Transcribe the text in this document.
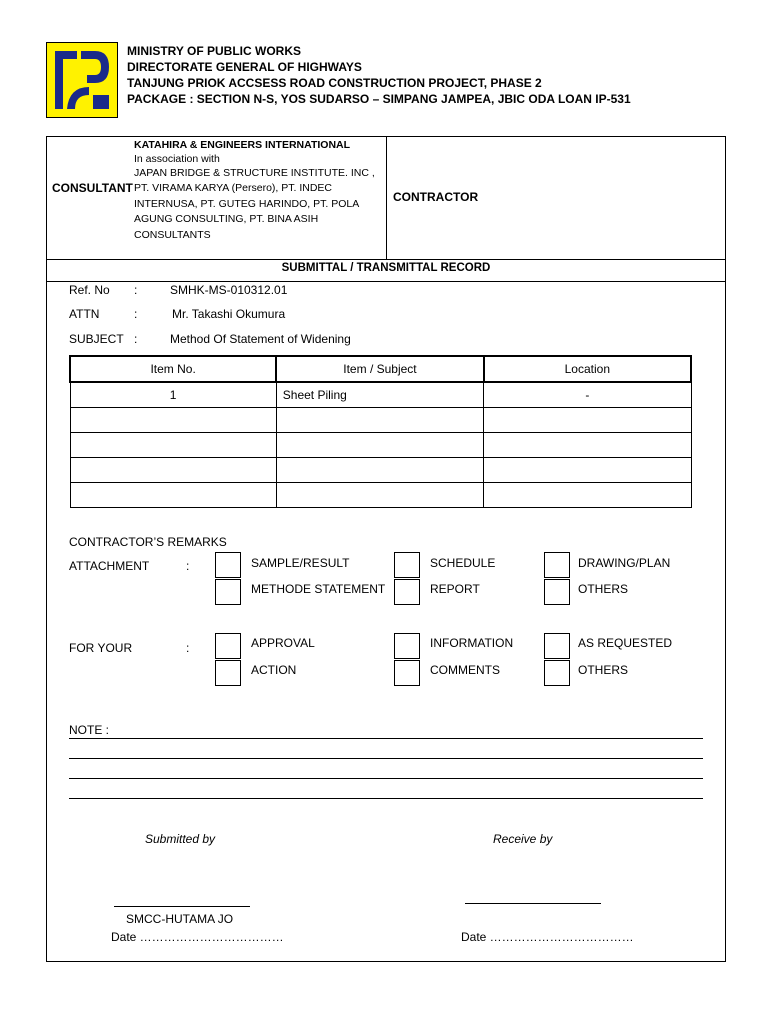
MINISTRY OF PUBLIC WORKS
DIRECTORATE GENERAL OF HIGHWAYS
TANJUNG PRIOK ACCSESS ROAD CONSTRUCTION PROJECT, PHASE 2
PACKAGE : SECTION N-S, YOS SUDARSO – SIMPANG JAMPEA, JBIC ODA LOAN IP-531
KATAHIRA & ENGINEERS INTERNATIONAL
In association with
JAPAN BRIDGE & STRUCTURE INSTITUTE. INC ,
PT. VIRAMA KARYA (Persero), PT. INDEC
INTERNUSA, PT. GUTEG HARINDO, PT. POLA
AGUNG CONSULTING, PT. BINA ASIH
CONSULTANTS
CONSULTANT
CONTRACTOR
SUBMITTAL / TRANSMITTAL RECORD
Ref. No :	SMHK-MS-010312.01
ATTN	:	Mr. Takashi Okumura
SUBJECT :	Method Of Statement of Widening
Item No.	Item / Subject	Location
1	Sheet Piling	-

CONTRACTOR’S REMARKS
ATTACHMENT	:	SAMPLE/RESULT	SCHEDULE	DRAWING/PLAN
METHODE STATEMENT	REPORT	OTHERS
FOR YOUR	:	APPROVAL	INFORMATION	AS REQUESTED
ACTION	COMMENTS	OTHERS
NOTE :
Submitted by	Receive by
SMCC-HUTAMA JO
Date ………………………………	Date ………………………………
